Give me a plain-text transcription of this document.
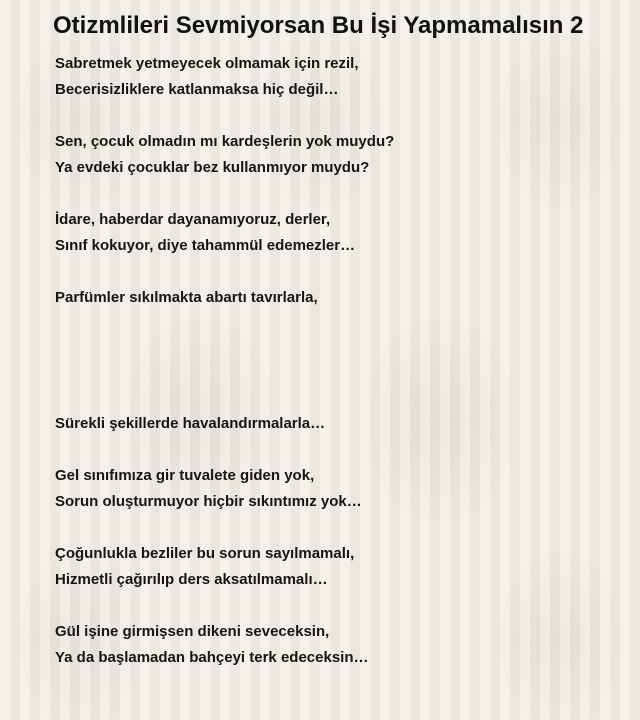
Otizmlileri Sevmiyorsan Bu İşi Yapmamalısın 2

Sabretmek yetmeyecek olmamak için rezil,

Becerisizliklere katlanmaksa hiç değil…

Sen, çocuk olmadın mı kardeşlerin yok muydu?

Ya evdeki çocuklar bez kullanmıyor muydu?

İdare, haberdar dayanamıyoruz, derler,

Sınıf kokuyor, diye tahammül edemezler…

Parfümler sıkılmakta abartı tavırlarla,

Sürekli şekillerde havalandırmalarla…

Gel sınıfımıza gir tuvalete giden yok,

Sorun oluşturmuyor hiçbir sıkıntımız yok…

Çoğunlukla bezliler bu sorun sayılmamalı,

Hizmetli çağırılıp ders aksatılmamalı…

Gül işine girmişsen dikeni seveceksin,

Ya da başlamadan bahçeyi terk edeceksin…
